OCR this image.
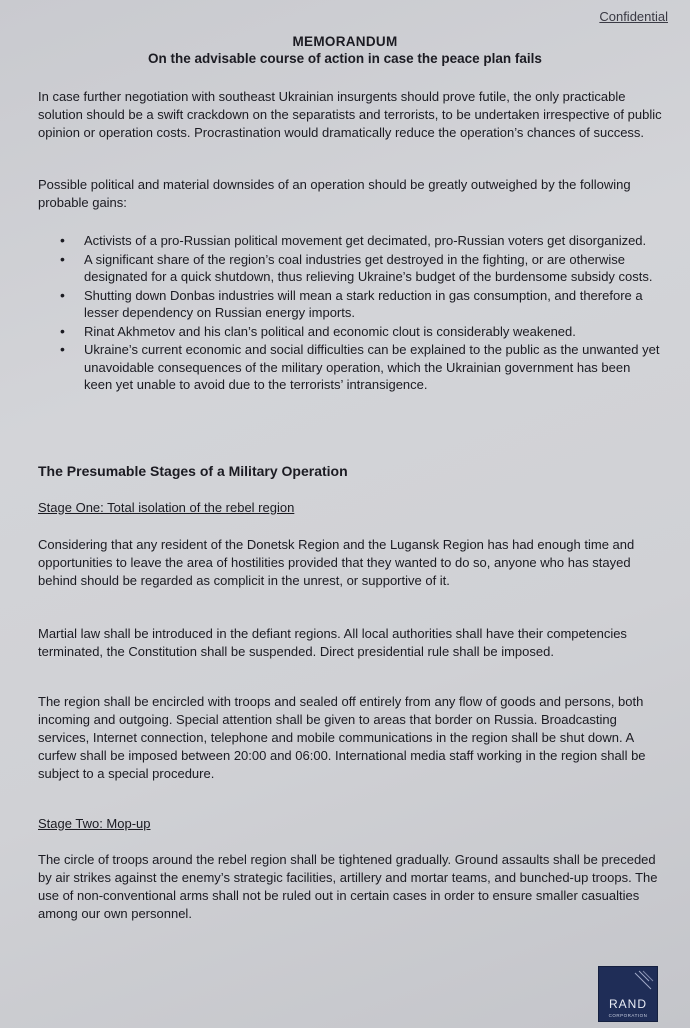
Confidential
MEMORANDUM
On the advisable course of action in case the peace plan fails

In case further negotiation with southeast Ukrainian insurgents should prove futile, the only practicable solution should be a swift crackdown on the separatists and terrorists, to be undertaken irrespective of public opinion or operation costs. Procrastination would dramatically reduce the operation’s chances of success.

Possible political and material downsides of an operation should be greatly outweighed by the following probable gains:

• Activists of a pro-Russian political movement get decimated, pro-Russian voters get disorganized.
• A significant share of the region’s coal industries get destroyed in the fighting, or are otherwise designated for a quick shutdown, thus relieving Ukraine’s budget of the burdensome subsidy costs.
• Shutting down Donbas industries will mean a stark reduction in gas consumption, and therefore a lesser dependency on Russian energy imports.
• Rinat Akhmetov and his clan’s political and economic clout is considerably weakened.
• Ukraine’s current economic and social difficulties can be explained to the public as the unwanted yet unavoidable consequences of the military operation, which the Ukrainian government has been keen yet unable to avoid due to the terrorists’ intransigence.
The Presumable Stages of a Military Operation
Stage One: Total isolation of the rebel region

Considering that any resident of the Donetsk Region and the Lugansk Region has had enough time and opportunities to leave the area of hostilities provided that they wanted to do so, anyone who has stayed behind should be regarded as complicit in the unrest, or supportive of it.

Martial law shall be introduced in the defiant regions. All local authorities shall have their competencies terminated, the Constitution shall be suspended. Direct presidential rule shall be imposed.

The region shall be encircled with troops and sealed off entirely from any flow of goods and persons, both incoming and outgoing. Special attention shall be given to areas that border on Russia. Broadcasting services, Internet connection, telephone and mobile communications in the region shall be shut down. A curfew shall be imposed between 20:00 and 06:00. International media staff working in the region shall be subject to a special procedure.

Stage Two: Mop-up

The circle of troops around the rebel region shall be tightened gradually. Ground assaults shall be preceded by air strikes against the enemy’s strategic facilities, artillery and mortar teams, and bunched-up troops. The use of non-conventional arms shall not be ruled out in certain cases in order to ensure smaller casualties among our own personnel.

RAND
CORPORATION
